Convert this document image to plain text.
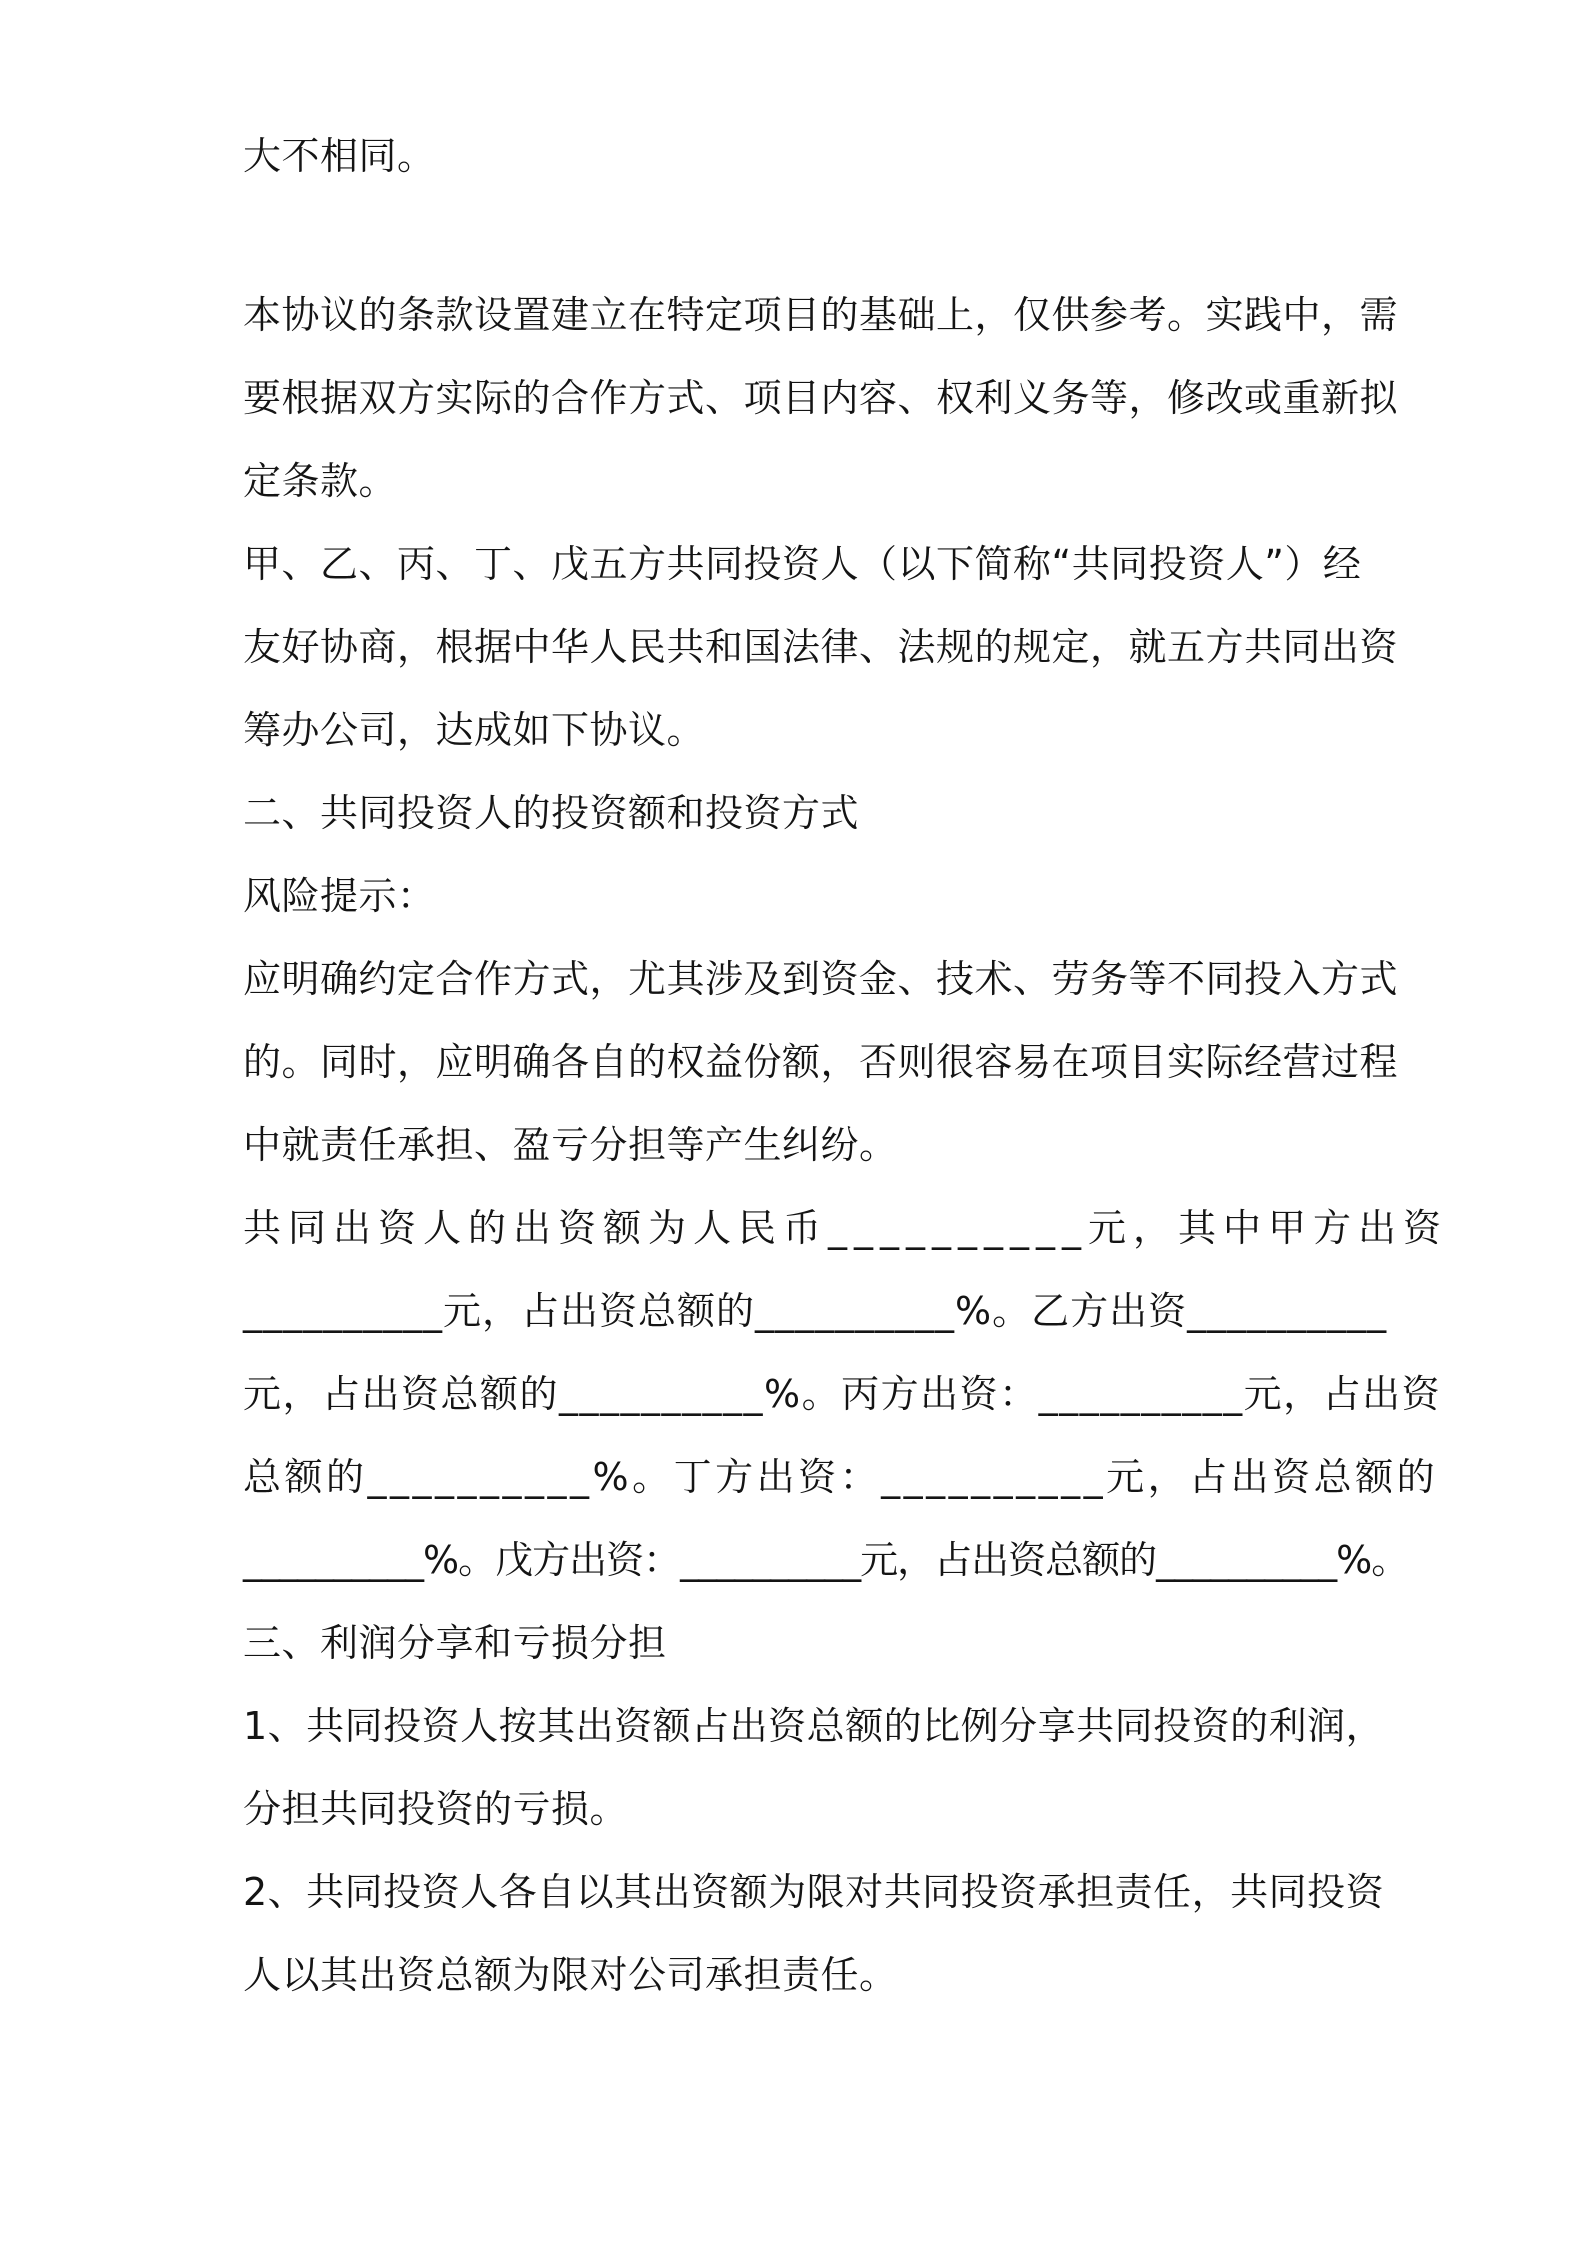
大不相同。
本协议的条款设置建立在特定项目的基础上，仅供参考。实践中，需
要根据双方实际的合作方式、项目内容、权利义务等，修改或重新拟
定条款。
甲、乙、丙、丁、戊五方共同投资人（以下简称“共同投资人”）经
友好协商，根据中华人民共和国法律、法规的规定，就五方共同出资
筹办公司，达成如下协议。
二、共同投资人的投资额和投资方式
风险提示：
应明确约定合作方式，尤其涉及到资金、技术、劳务等不同投入方式
的。同时，应明确各自的权益份额，否则很容易在项目实际经营过程
中就责任承担、盈亏分担等产生纠纷。
共同出资人的出资额为人民币__________元，其中甲方出资
__________元，占出资总额的__________%。乙方出资__________
元，占出资总额的__________%。丙方出资：__________元，占出资
总额的__________%。丁方出资：__________元，占出资总额的
__________%。戊方出资：__________元，占出资总额的__________%。
三、利润分享和亏损分担
1、共同投资人按其出资额占出资总额的比例分享共同投资的利润，
分担共同投资的亏损。
2、共同投资人各自以其出资额为限对共同投资承担责任，共同投资
人以其出资总额为限对公司承担责任。
